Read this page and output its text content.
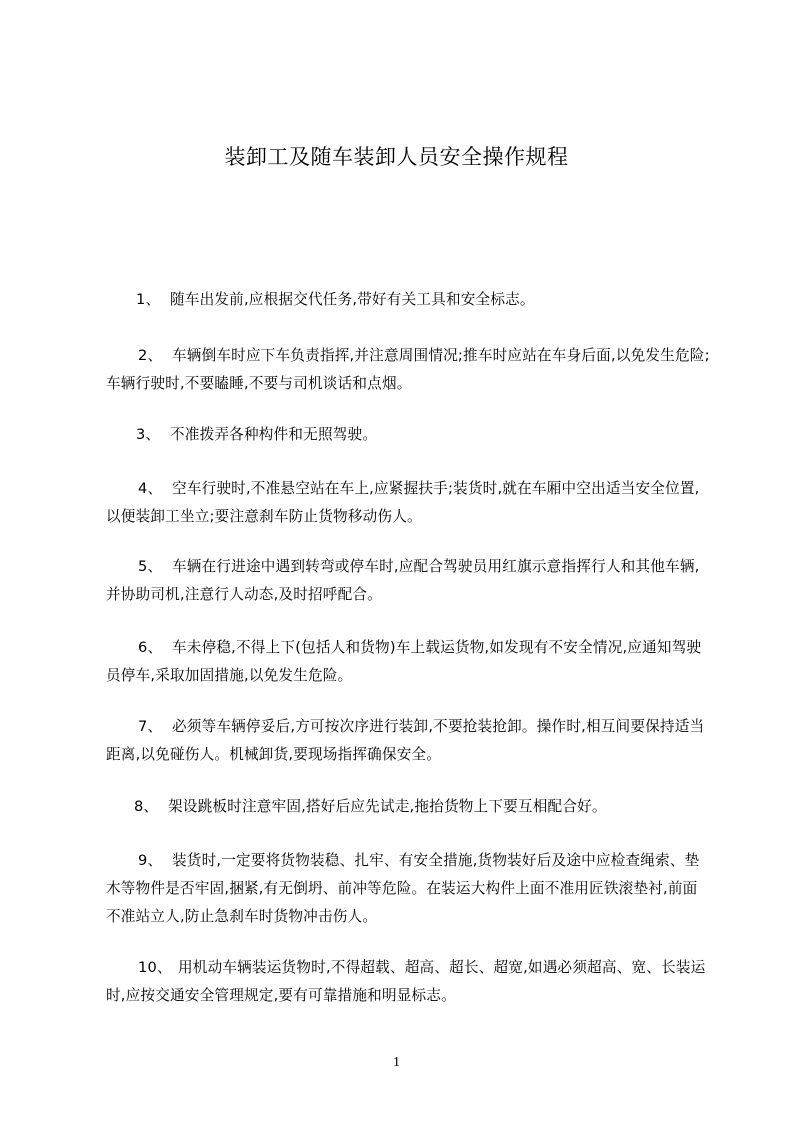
装卸工及随车装卸人员安全操作规程

1、 随车出发前,应根据交代任务,带好有关工具和安全标志。

2、 车辆倒车时应下车负责指挥,并注意周围情况;推车时应站在车身后面,以免发生危险;车辆行驶时,不要瞌睡,不要与司机谈话和点烟。

3、 不准拨弄各种构件和无照驾驶。

4、 空车行驶时,不准悬空站在车上,应紧握扶手;装货时,就在车厢中空出适当安全位置,以便装卸工坐立;要注意刹车防止货物移动伤人。

5、 车辆在行进途中遇到转弯或停车时,应配合驾驶员用红旗示意指挥行人和其他车辆,并协助司机,注意行人动态,及时招呼配合。

6、 车未停稳,不得上下(包括人和货物)车上载运货物,如发现有不安全情况,应通知驾驶员停车,采取加固措施,以免发生危险。

7、 必须等车辆停妥后,方可按次序进行装卸,不要抢装抢卸。操作时,相互间要保持适当距离,以免碰伤人。机械卸货,要现场指挥确保安全。

8、 架设跳板时注意牢固,搭好后应先试走,拖抬货物上下要互相配合好。

9、 装货时,一定要将货物装稳、扎牢、有安全措施,货物装好后及途中应检查绳索、垫木等物件是否牢固,捆紧,有无倒坍、前冲等危险。在装运大构件上面不准用匠铁滚垫衬,前面不准站立人,防止急刹车时货物冲击伤人。

10、 用机动车辆装运货物时,不得超载、超高、超长、超宽,如遇必须超高、宽、长装运时,应按交通安全管理规定,要有可靠措施和明显标志。

1
